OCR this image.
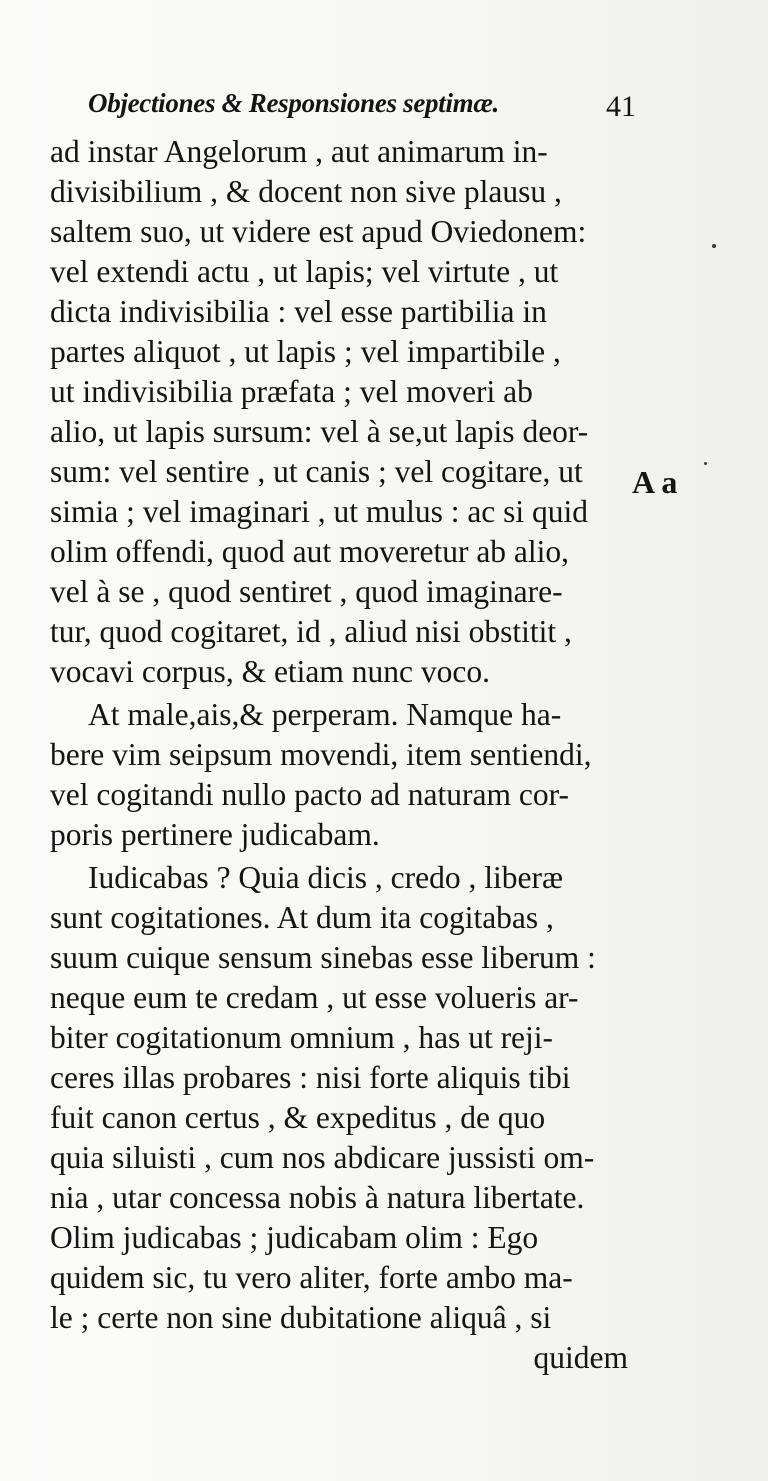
Objectiones & Responsiones septimæ.	41
ad instar Angelorum , aut animarum in-
divisibilium , & docent non sive plausu ,
saltem suo, ut videre est apud Oviedonem:
vel extendi actu , ut lapis; vel virtute , ut
dicta indivisibilia : vel esse partibilia in
partes aliquot , ut lapis ; vel impartibile ,
ut indivisibilia præfata ; vel moveri ab
alio, ut lapis sursum: vel à se,ut lapis deor-
sum: vel sentire , ut canis ; vel cogitare, ut
simia ; vel imaginari , ut mulus : ac si quid
olim offendi, quod aut moveretur ab alio,
vel à se , quod sentiret , quod imaginare-
tur, quod cogitaret, id , aliud nisi obstitit ,
vocavi corpus, & etiam nunc voco.
At male,ais,& perperam. Namque ha-
bere vim seipsum movendi, item sentiendi,
vel cogitandi nullo pacto ad naturam cor-
poris pertinere judicabam.
Iudicabas ? Quia dicis , credo , liberæ
sunt cogitationes. At dum ita cogitabas ,
suum cuique sensum sinebas esse liberum :
neque eum te credam , ut esse volueris ar-
biter cogitationum omnium , has ut reji-
ceres illas probares : nisi forte aliquis tibi
fuit canon certus , & expeditus , de quo
quia siluisti , cum nos abdicare jussisti om-
nia , utar concessa nobis à natura libertate.
Olim judicabas ; judicabam olim : Ego
quidem sic, tu vero aliter, forte ambo ma-
le ; certe non sine dubitatione aliquâ , si
quidem
A a
